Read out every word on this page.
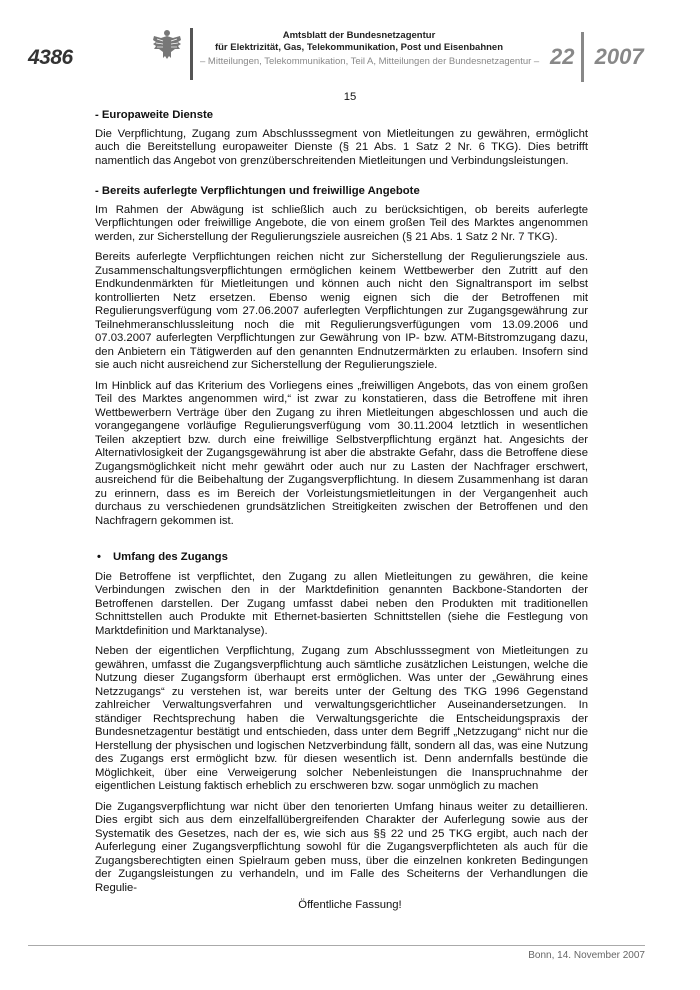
4386
Amtsblatt der Bundesnetzagentur
für Elektrizität, Gas, Telekommunikation, Post und Eisenbahnen
– Mitteilungen, Telekommunikation, Teil A, Mitteilungen der Bundesnetzagentur – 22 2007
15
- Europaweite Dienste

Die Verpflichtung, Zugang zum Abschlusssegment von Mietleitungen zu gewähren, ermöglicht auch die Bereitstellung europaweiter Dienste (§ 21 Abs. 1 Satz 2 Nr. 6 TKG). Dies betrifft namentlich das Angebot von grenzüberschreitenden Mietleitungen und Verbindungsleistungen.

- Bereits auferlegte Verpflichtungen und freiwillige Angebote

Im Rahmen der Abwägung ist schließlich auch zu berücksichtigen, ob bereits auferlegte Verpflichtungen oder freiwillige Angebote, die von einem großen Teil des Marktes angenommen werden, zur Sicherstellung der Regulierungsziele ausreichen (§ 21 Abs. 1 Satz 2 Nr. 7 TKG).

Bereits auferlegte Verpflichtungen reichen nicht zur Sicherstellung der Regulierungsziele aus. Zusammenschaltungsverpflichtungen ermöglichen keinem Wettbewerber den Zutritt auf den Endkundenmärkten für Mietleitungen und können auch nicht den Signaltransport im selbst kontrollierten Netz ersetzen. Ebenso wenig eignen sich die der Betroffenen mit Regulierungsverfügung vom 27.06.2007 auferlegten Verpflichtungen zur Zugangsgewährung zur Teilnehmeranschlussleitung noch die mit Regulierungsverfügungen vom 13.09.2006 und 07.03.2007 auferlegten Verpflichtungen zur Gewährung von IP- bzw. ATM-Bitstromzugang dazu, den Anbietern ein Tätigwerden auf den genannten Endnutzermärkten zu erlauben. Insofern sind sie auch nicht ausreichend zur Sicherstellung der Regulierungsziele.

Im Hinblick auf das Kriterium des Vorliegens eines „freiwilligen Angebots, das von einem großen Teil des Marktes angenommen wird,“ ist zwar zu konstatieren, dass die Betroffene mit ihren Wettbewerbern Verträge über den Zugang zu ihren Mietleitungen abgeschlossen und auch die vorangegangene vorläufige Regulierungsverfügung vom 30.11.2004 letztlich in wesentlichen Teilen akzeptiert bzw. durch eine freiwillige Selbstverpflichtung ergänzt hat. Angesichts der Alternativlosigkeit der Zugangsgewährung ist aber die abstrakte Gefahr, dass die Betroffene diese Zugangsmöglichkeit nicht mehr gewährt oder auch nur zu Lasten der Nachfrager erschwert, ausreichend für die Beibehaltung der Zugangsverpflichtung. In diesem Zusammenhang ist daran zu erinnern, dass es im Bereich der Vorleistungsmietleitungen in der Vergangenheit auch durchaus zu verschiedenen grundsätzlichen Streitigkeiten zwischen der Betroffenen und den Nachfragern gekommen ist.

• Umfang des Zugangs

Die Betroffene ist verpflichtet, den Zugang zu allen Mietleitungen zu gewähren, die keine Verbindungen zwischen den in der Marktdefinition genannten Backbone-Standorten der Betroffenen darstellen. Der Zugang umfasst dabei neben den Produkten mit traditionellen Schnittstellen auch Produkte mit Ethernet-basierten Schnittstellen (siehe die Festlegung von Marktdefinition und Marktanalyse).

Neben der eigentlichen Verpflichtung, Zugang zum Abschlusssegment von Mietleitungen zu gewähren, umfasst die Zugangsverpflichtung auch sämtliche zusätzlichen Leistungen, welche die Nutzung dieser Zugangsform überhaupt erst ermöglichen. Was unter der „Gewährung eines Netzzugangs“ zu verstehen ist, war bereits unter der Geltung des TKG 1996 Gegenstand zahlreicher Verwaltungsverfahren und verwaltungsgerichtlicher Auseinandersetzungen. In ständiger Rechtsprechung haben die Verwaltungsgerichte die Entscheidungspraxis der Bundesnetzagentur bestätigt und entschieden, dass unter dem Begriff „Netzzugang“ nicht nur die Herstellung der physischen und logischen Netzverbindung fällt, sondern all das, was eine Nutzung des Zugangs erst ermöglicht bzw. für diesen wesentlich ist. Denn andernfalls bestünde die Möglichkeit, über eine Verweigerung solcher Nebenleistungen die Inanspruchnahme der eigentlichen Leistung faktisch erheblich zu erschweren bzw. sogar unmöglich zu machen

Die Zugangsverpflichtung war nicht über den tenorierten Umfang hinaus weiter zu detaillieren. Dies ergibt sich aus dem einzelfallübergreifenden Charakter der Auferlegung sowie aus der Systematik des Gesetzes, nach der es, wie sich aus §§ 22 und 25 TKG ergibt, auch nach der Auferlegung einer Zugangsverpflichtung sowohl für die Zugangsverpflichteten als auch für die Zugangsberechtigten einen Spielraum geben muss, über die einzelnen konkreten Bedingungen der Zugangsleistungen zu verhandeln, und im Falle des Scheiterns der Verhandlungen die Regulie-

Öffentliche Fassung!
Bonn, 14. November 2007
